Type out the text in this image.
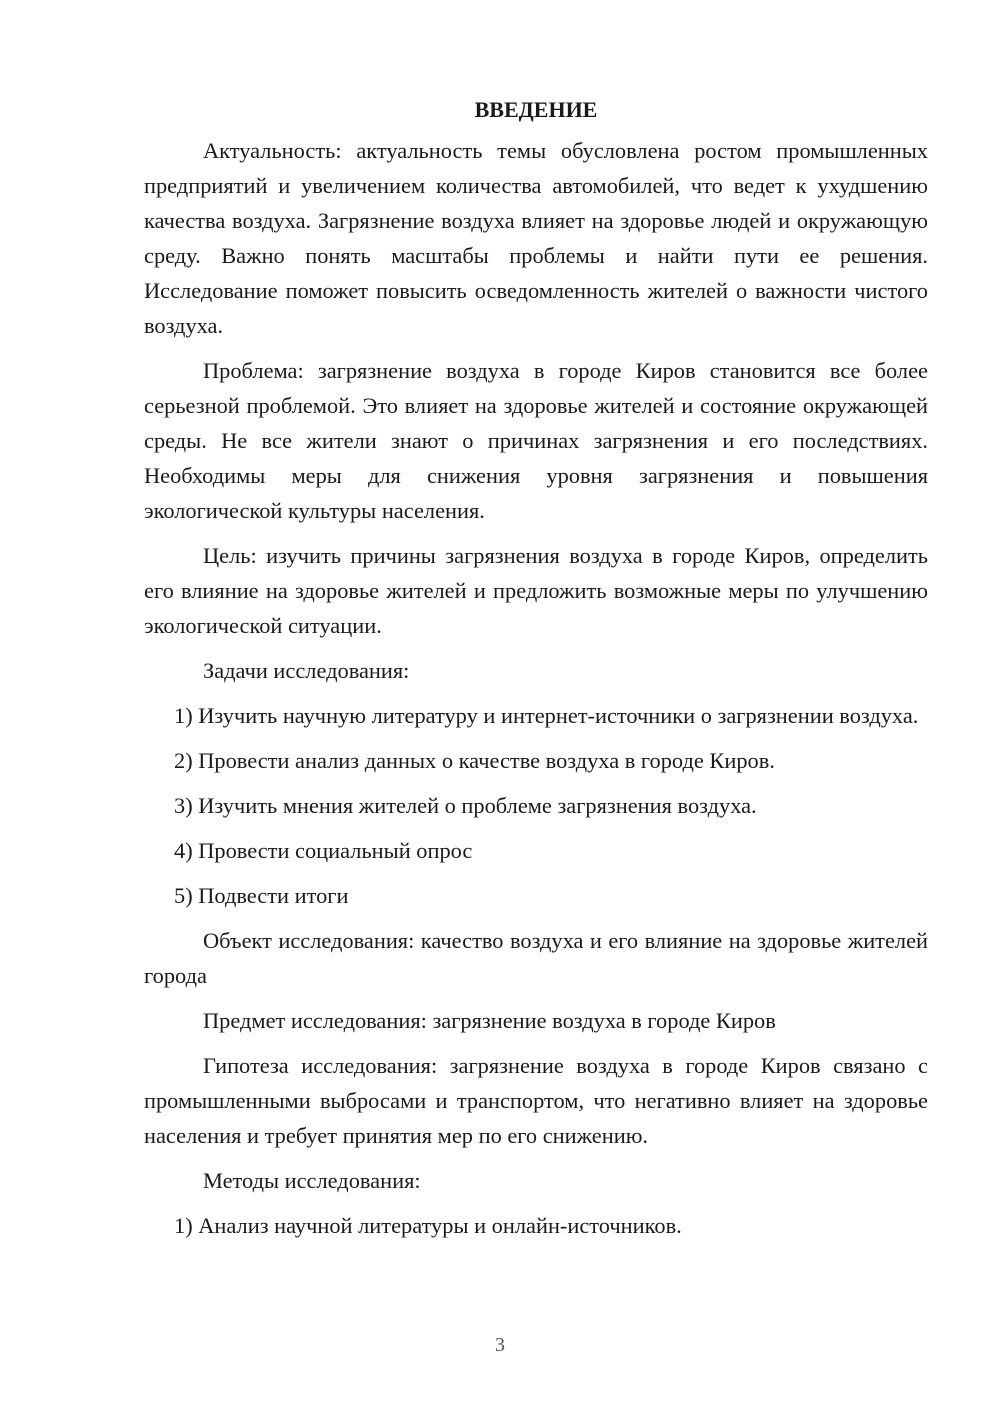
ВВЕДЕНИЕ

Актуальность: актуальность темы обусловлена ростом промышленных предприятий и увеличением количества автомобилей, что ведет к ухудшению качества воздуха. Загрязнение воздуха влияет на здоровье людей и окружающую среду. Важно понять масштабы проблемы и найти пути ее решения. Исследование поможет повысить осведомленность жителей о важности чистого воздуха.

Проблема: загрязнение воздуха в городе Киров становится все более серьезной проблемой. Это влияет на здоровье жителей и состояние окружающей среды. Не все жители знают о причинах загрязнения и его последствиях. Необходимы меры для снижения уровня загрязнения и повышения экологической культуры населения.

Цель: изучить причины загрязнения воздуха в городе Киров, определить его влияние на здоровье жителей и предложить возможные меры по улучшению экологической ситуации.

Задачи исследования:

1) Изучить научную литературу и интернет-источники о загрязнении воздуха.

2) Провести анализ данных о качестве воздуха в городе Киров.

3) Изучить мнения жителей о проблеме загрязнения воздуха.

4) Провести социальный опрос

5) Подвести итоги

Объект исследования: качество воздуха и его влияние на здоровье жителей города

Предмет исследования: загрязнение воздуха в городе Киров

Гипотеза исследования: загрязнение воздуха в городе Киров связано с промышленными выбросами и транспортом, что негативно влияет на здоровье населения и требует принятия мер по его снижению.

Методы исследования:

1) Анализ научной литературы и онлайн-источников.

3
